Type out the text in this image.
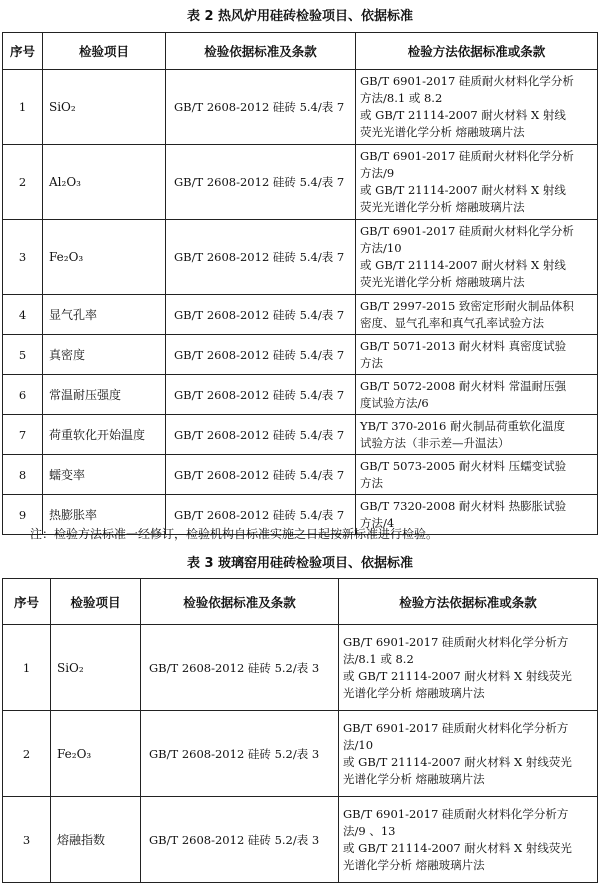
表 2 热风炉用硅砖检验项目、依据标准
序号	检验项目	检验依据标准及条款	检验方法依据标准或条款
1	SiO₂	GB/T 2608-2012 硅砖 5.4/表 7	GB/T 6901-2017 硅质耐火材料化学分析
方法/8.1 或 8.2
或 GB/T 21114-2007 耐火材料 X 射线
荧光光谱化学分析 熔融玻璃片法

2	Al₂O₃	GB/T 2608-2012 硅砖 5.4/表 7	GB/T 6901-2017 硅质耐火材料化学分析
方法/9
或 GB/T 21114-2007 耐火材料 X 射线
荧光光谱化学分析 熔融玻璃片法

3	Fe₂O₃	GB/T 2608-2012 硅砖 5.4/表 7	GB/T 6901-2017 硅质耐火材料化学分析
方法/10
或 GB/T 21114-2007 耐火材料 X 射线
荧光光谱化学分析 熔融玻璃片法

4	显气孔率	GB/T 2608-2012 硅砖 5.4/表 7	GB/T 2997-2015 致密定形耐火制品体积
密度、显气孔率和真气孔率试验方法

5	真密度	GB/T 2608-2012 硅砖 5.4/表 7	GB/T 5071-2013 耐火材料 真密度试验
方法

6	常温耐压强度	GB/T 2608-2012 硅砖 5.4/表 7	GB/T 5072-2008 耐火材料 常温耐压强
度试验方法/6

7	荷重软化开始温度	GB/T 2608-2012 硅砖 5.4/表 7	YB/T 370-2016 耐火制品荷重软化温度
试验方法（非示差—升温法）

8	蠕变率	GB/T 2608-2012 硅砖 5.4/表 7	GB/T 5073-2005 耐火材料 压蠕变试验
方法

9	热膨胀率	GB/T 2608-2012 硅砖 5.4/表 7	GB/T 7320-2008 耐火材料 热膨胀试验
方法/4
注：检验方法标准一经修订，检验机构自标准实施之日起按新标准进行检验。
表 3 玻璃窑用硅砖检验项目、依据标准
序号	检验项目	检验依据标准及条款	检验方法依据标准或条款
1	SiO₂	GB/T 2608-2012 硅砖 5.2/表 3	GB/T 6901-2017 硅质耐火材料化学分析方
法/8.1 或 8.2
或 GB/T 21114-2007 耐火材料 X 射线荧光
光谱化学分析 熔融玻璃片法

2	Fe₂O₃	GB/T 2608-2012 硅砖 5.2/表 3	GB/T 6901-2017 硅质耐火材料化学分析方
法/10
或 GB/T 21114-2007 耐火材料 X 射线荧光
光谱化学分析 熔融玻璃片法

3	熔融指数	GB/T 2608-2012 硅砖 5.2/表 3	GB/T 6901-2017 硅质耐火材料化学分析方
法/9 、13
或 GB/T 21114-2007 耐火材料 X 射线荧光
光谱化学分析 熔融玻璃片法
